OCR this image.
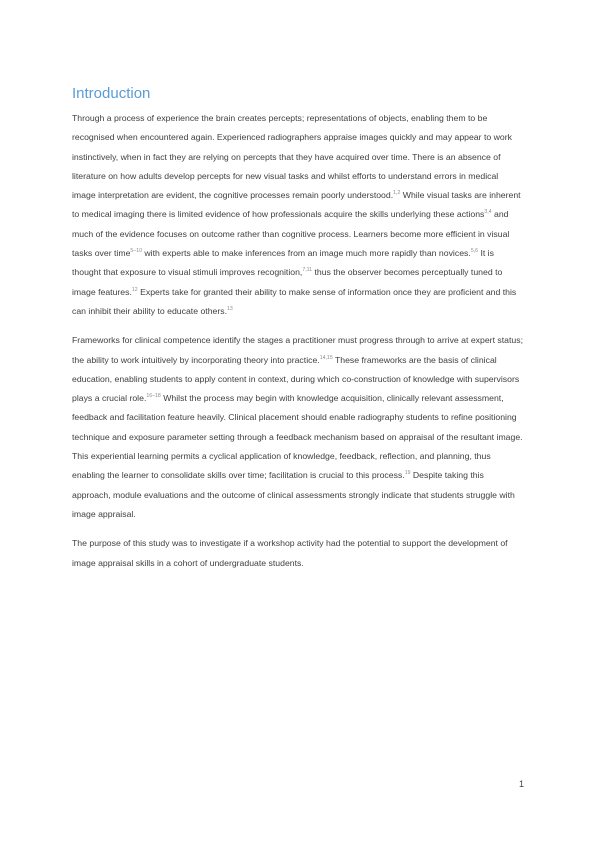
Introduction

Through a process of experience the brain creates percepts; representations of objects, enabling them to be recognised when encountered again. Experienced radiographers appraise images quickly and may appear to work instinctively, when in fact they are relying on percepts that they have acquired over time. There is an absence of literature on how adults develop percepts for new visual tasks and whilst efforts to understand errors in medical image interpretation are evident, the cognitive processes remain poorly understood.$^{1,2}$ While visual tasks are inherent to medical imaging there is limited evidence of how professionals acquire the skills underlying these actions$^{3,4}$ and much of the evidence focuses on outcome rather than cognitive process. Learners become more efficient in visual tasks over time$^{5-10}$ with experts able to make inferences from an image much more rapidly than novices.$^{5,6}$ It is thought that exposure to visual stimuli improves recognition,$^{7,11}$ thus the observer becomes perceptually tuned to image features.$^{12}$ Experts take for granted their ability to make sense of information once they are proficient and this can inhibit their ability to educate others.$^{13}$

Frameworks for clinical competence identify the stages a practitioner must progress through to arrive at expert status; the ability to work intuitively by incorporating theory into practice.$^{14,15}$ These frameworks are the basis of clinical education, enabling students to apply content in context, during which co-construction of knowledge with supervisors plays a crucial role.$^{16-18}$ Whilst the process may begin with knowledge acquisition, clinically relevant assessment, feedback and facilitation feature heavily. Clinical placement should enable radiography students to refine positioning technique and exposure parameter setting through a feedback mechanism based on appraisal of the resultant image. This experiential learning permits a cyclical application of knowledge, feedback, reflection, and planning, thus enabling the learner to consolidate skills over time; facilitation is crucial to this process.$^{19}$ Despite taking this approach, module evaluations and the outcome of clinical assessments strongly indicate that students struggle with image appraisal.

The purpose of this study was to investigate if a workshop activity had the potential to support the development of image appraisal skills in a cohort of undergraduate students.

1
